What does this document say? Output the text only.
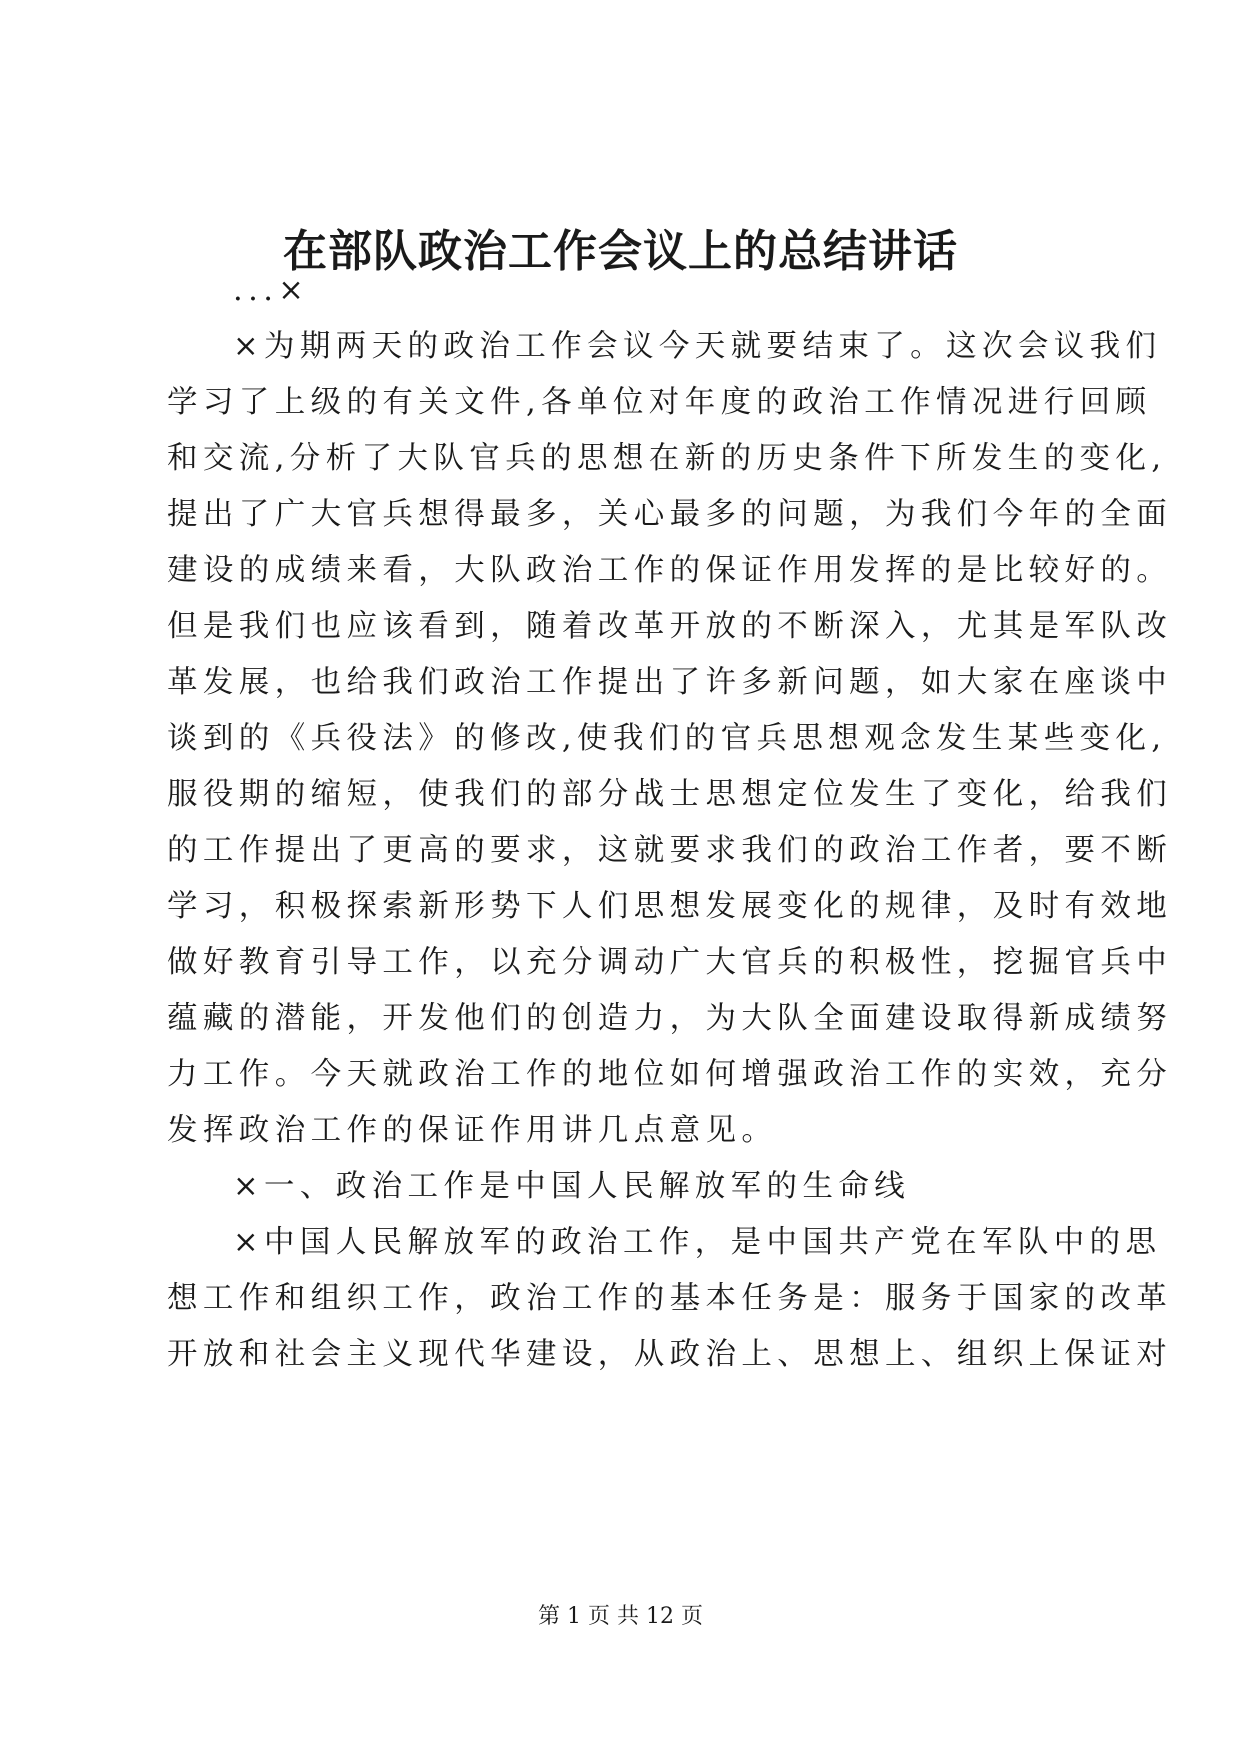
在部队政治工作会议上的总结讲话

...×

×为期两天的政治工作会议今天就要结束了。这次会议我们

学习了上级的有关文件,各单位对年度的政治工作情况进行回顾

和交流,分析了大队官兵的思想在新的历史条件下所发生的变化,

提出了广大官兵想得最多，关心最多的问题，为我们今年的全面

建设的成绩来看，大队政治工作的保证作用发挥的是比较好的。

但是我们也应该看到，随着改革开放的不断深入，尤其是军队改

革发展，也给我们政治工作提出了许多新问题，如大家在座谈中

谈到的《兵役法》的修改,使我们的官兵思想观念发生某些变化,

服役期的缩短，使我们的部分战士思想定位发生了变化，给我们

的工作提出了更高的要求，这就要求我们的政治工作者，要不断

学习，积极探索新形势下人们思想发展变化的规律，及时有效地

做好教育引导工作，以充分调动广大官兵的积极性，挖掘官兵中

蕴藏的潜能，开发他们的创造力，为大队全面建设取得新成绩努

力工作。今天就政治工作的地位如何增强政治工作的实效，充分

发挥政治工作的保证作用讲几点意见。

×一、政治工作是中国人民解放军的生命线

×中国人民解放军的政治工作，是中国共产党在军队中的思

想工作和组织工作，政治工作的基本任务是：服务于国家的改革

开放和社会主义现代华建设，从政治上、思想上、组织上保证对

第 1 页 共 12 页
